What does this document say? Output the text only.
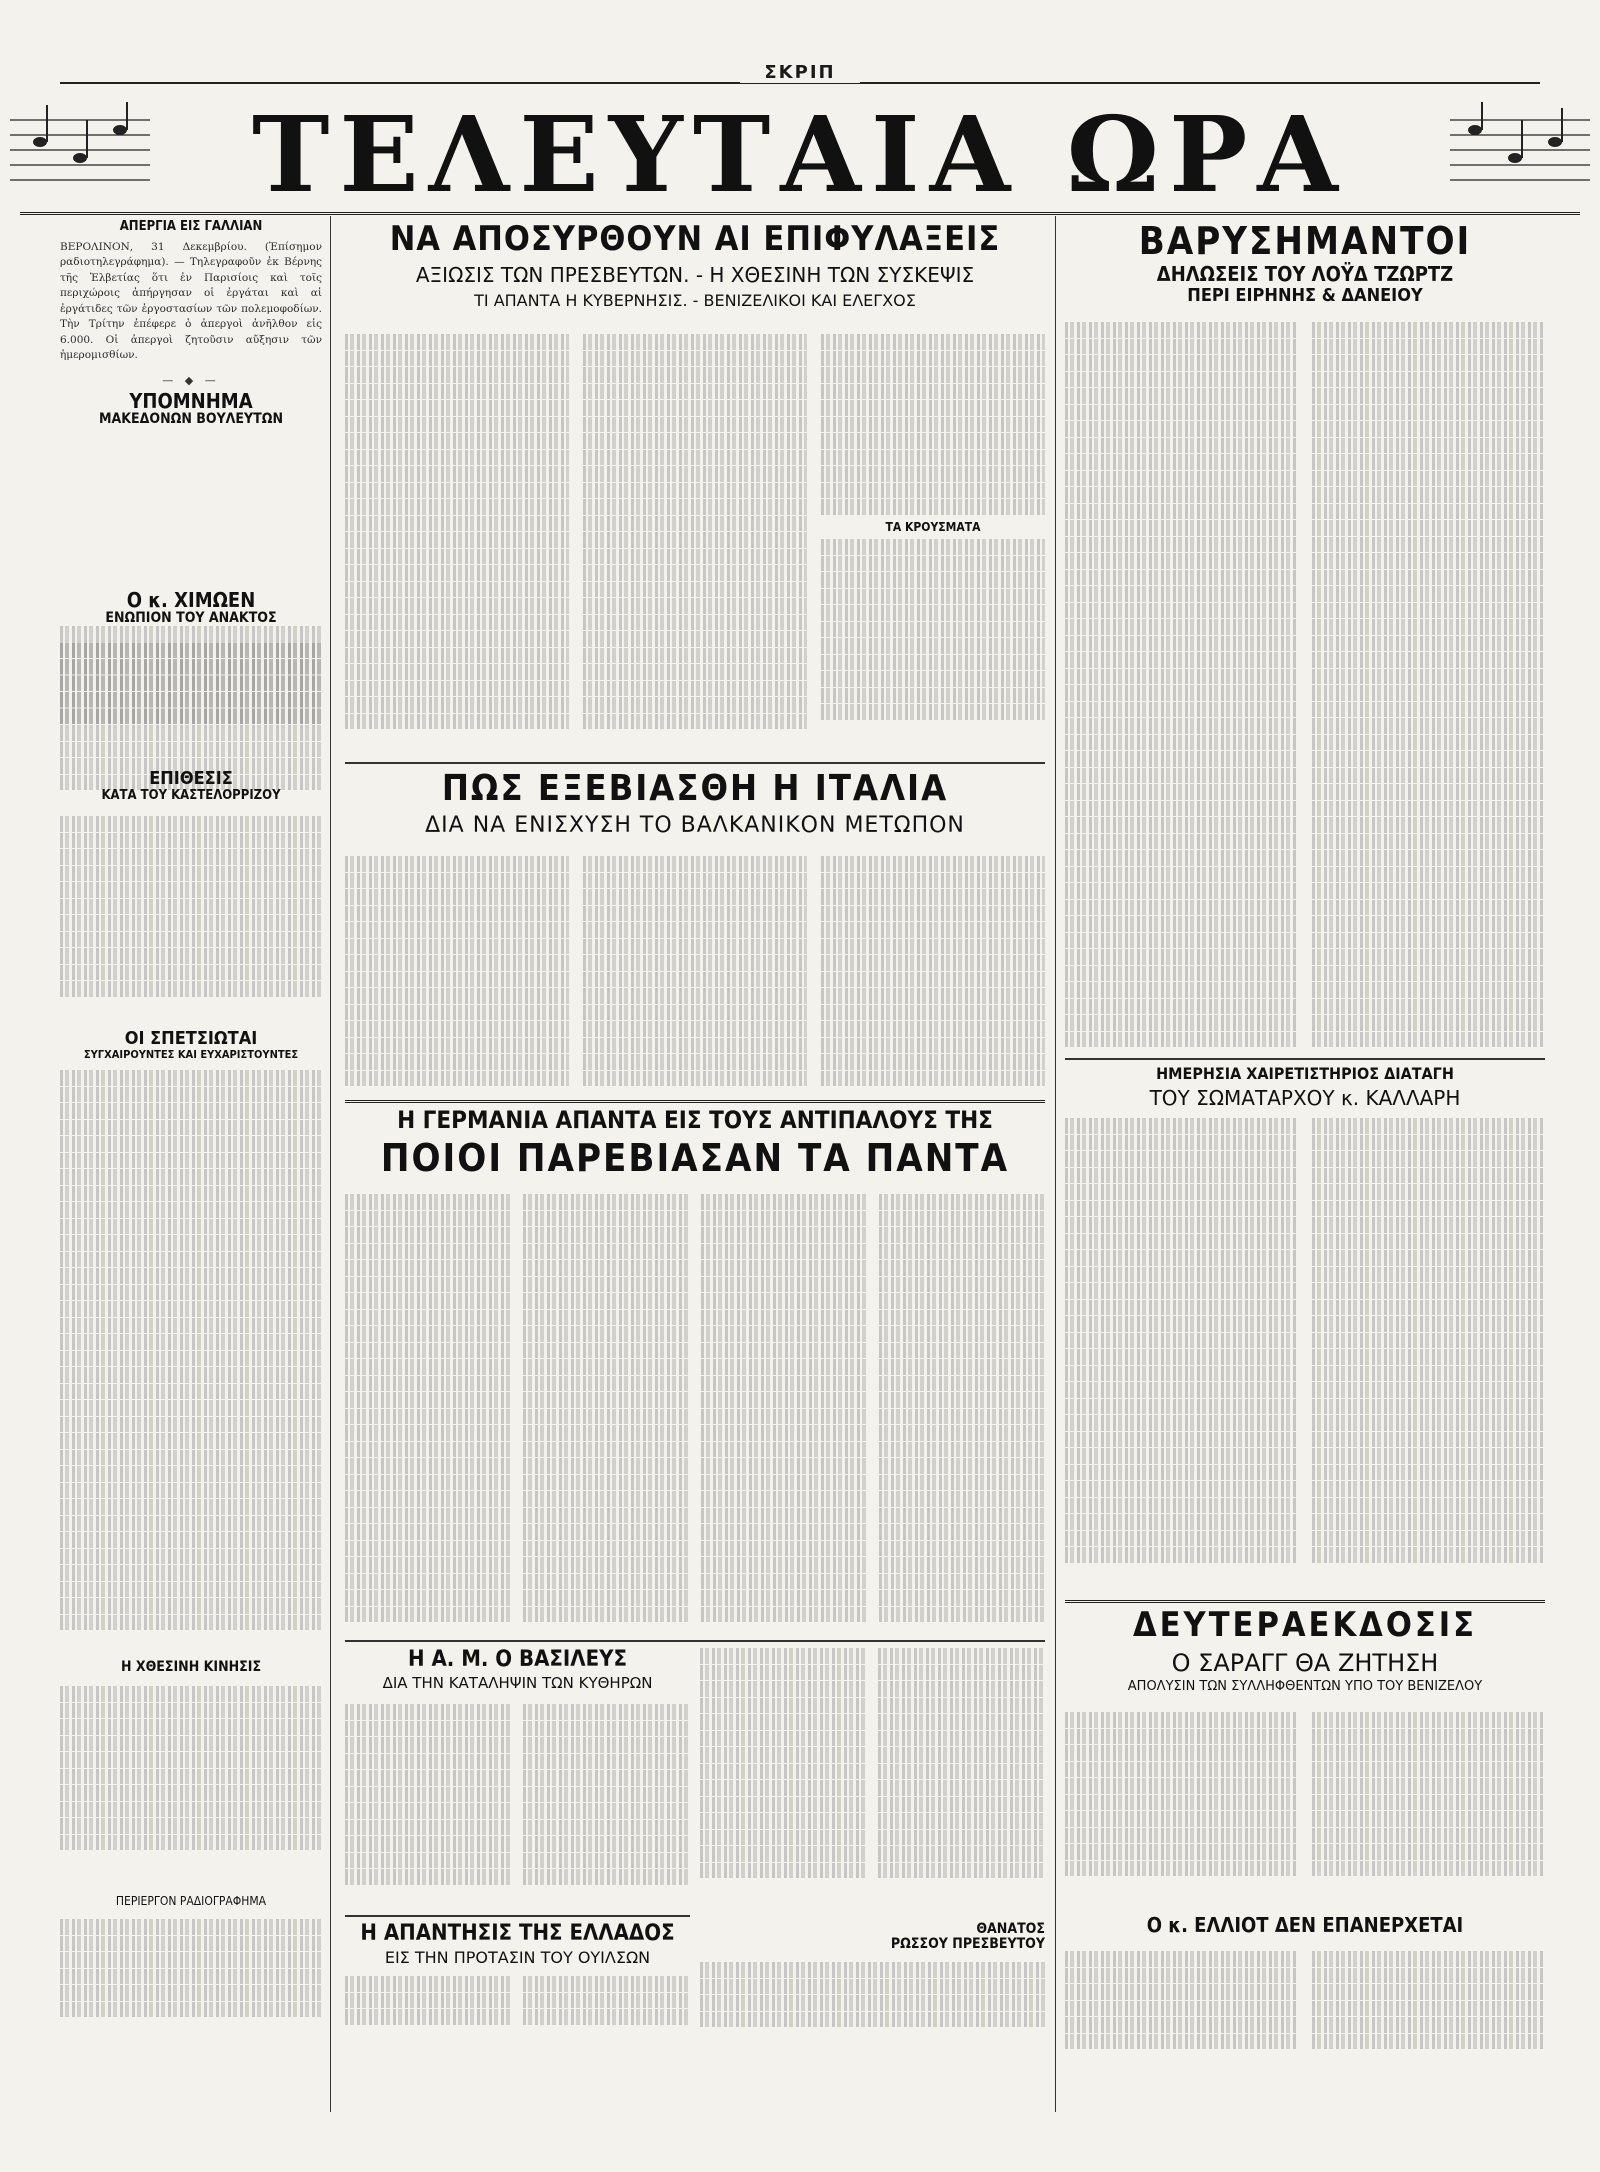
ΣΚΡΙΠ
ΤΕΛΕΥΤΑΙΑ ΩΡΑ
ΑΠΕΡΓΙΑ ΕΙΣ ΓΑΛΛΙΑΝ

ΒΕΡΟΛΙΝΟΝ, 31 Δεκεμβρίου. (Ἐπίσημον ραδιοτηλεγράφημα). — Τηλεγραφοῦν ἐκ Βέρνης τῆς Ἑλβετίας ὅτι ἐν Παρισίοις καὶ τοῖς περιχώροις ἀπήργησαν οἱ ἐργάται καὶ αἱ ἐργάτιδες τῶν ἐργοστασίων τῶν πολεμοφοδίων. Τὴν Τρίτην ἐπέφερε ὁ ἀπεργοὶ ἀνῆλθον εἰς 6.000. Οἱ ἀπεργοὶ ζητοῦσιν αὔξησιν τῶν ἡμερομισθίων.

— ◆ —
ΥΠΟΜΝΗΜΑ
ΜΑΚΕΔΟΝΩΝ ΒΟΥΛΕΥΤΩΝ
Ο κ. ΧΙΜΩΕΝ
ΕΝΩΠΙΟΝ ΤΟΥ ΑΝΑΚΤΟΣ
ΕΠΙΘΕΣΙΣ
ΚΑΤΑ ΤΟΥ ΚΑΣΤΕΛΟΡΡΙΖΟΥ
ΟΙ ΣΠΕΤΣΙΩΤΑΙ
ΣΥΓΧΑΙΡΟΥΝΤΕΣ ΚΑΙ ΕΥΧΑΡΙΣΤΟΥΝΤΕΣ
Η ΧΘΕΣΙΝΗ ΚΙΝΗΣΙΣ
ΠΕΡΙΕΡΓΟΝ ΡΑΔΙΟΓΡΑΦΗΜΑ
ΝΑ ΑΠΟΣΥΡΘΟΥΝ ΑΙ ΕΠΙΦΥΛΑΞΕΙΣ
ΑΞΙΩΣΙΣ ΤΩΝ ΠΡΕΣΒΕΥΤΩΝ. - Η ΧΘΕΣΙΝΗ ΤΩΝ ΣΥΣΚΕΨΙΣ
ΤΙ ΑΠΑΝΤΑ Η ΚΥΒΕΡΝΗΣΙΣ. - ΒΕΝΙΖΕΛΙΚΟΙ ΚΑΙ ΕΛΕΓΧΟΣ
ΤΑ ΚΡΟΥΣΜΑΤΑ
ΠΩΣ ΕΞΕΒΙΑΣΘΗ Η ΙΤΑΛΙΑ
ΔΙΑ ΝΑ ΕΝΙΣΧΥΣΗ ΤΟ ΒΑΛΚΑΝΙΚΟΝ ΜΕΤΩΠΟΝ
Η ΓΕΡΜΑΝΙΑ ΑΠΑΝΤΑ ΕΙΣ ΤΟΥΣ ΑΝΤΙΠΑΛΟΥΣ ΤΗΣ
ΠΟΙΟΙ ΠΑΡΕΒΙΑΣΑΝ ΤΑ ΠΑΝΤΑ
Η Α. Μ. Ο ΒΑΣΙΛΕΥΣ
ΔΙΑ ΤΗΝ ΚΑΤΑΛΗΨΙΝ ΤΩΝ ΚΥΘΗΡΩΝ
Η ΑΠΑΝΤΗΣΙΣ ΤΗΣ ΕΛΛΑΔΟΣ
ΕΙΣ ΤΗΝ ΠΡΟΤΑΣΙΝ ΤΟΥ ΟΥΙΛΣΩΝ
ΘΑΝΑΤΟΣ
ΡΩΣΣΟΥ ΠΡΕΣΒΕΥΤΟΥ
ΒΑΡΥΣΗΜΑΝΤΟΙ
ΔΗΛΩΣΕΙΣ ΤΟΥ ΛΟΫΔ ΤΖΩΡΤΖ
ΠΕΡΙ ΕΙΡΗΝΗΣ & ΔΑΝΕΙΟΥ
ΗΜΕΡΗΣΙΑ ΧΑΙΡΕΤΙΣΤΗΡΙΟΣ ΔΙΑΤΑΓΗ
ΤΟΥ ΣΩΜΑΤΑΡΧΟΥ κ. ΚΑΛΛΑΡΗ
ΔΕΥΤΕΡΑΕΚΔΟΣΙΣ
Ο ΣΑΡΑΓΓ ΘΑ ΖΗΤΗΣΗ
ΑΠΟΛΥΣΙΝ ΤΩΝ ΣΥΛΛΗΦΘΕΝΤΩΝ ΥΠΟ ΤΟΥ ΒΕΝΙΖΕΛΟΥ
Ο κ. ΕΛΛΙΟΤ ΔΕΝ ΕΠΑΝΕΡΧΕΤΑΙ
